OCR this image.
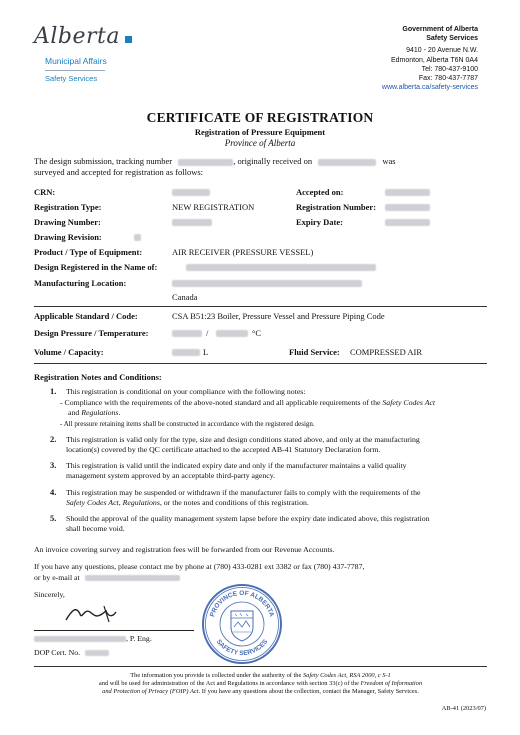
Alberta
Municipal Affairs
Safety Services
Government of Alberta
Safety Services
9410 - 20 Avenue N.W.
Edmonton, Alberta T6N 0A4
Tel: 780-437-9100
Fax: 780-437-7787
www.alberta.ca/safety-services
CERTIFICATE OF REGISTRATION
Registration of Pressure Equipment
Province of Alberta
The design submission, tracking number	, originally received on	was
surveyed and accepted for registration as follows:
CRN:	Accepted on:
Registration Type:	NEW REGISTRATION	Registration Number:
Drawing Number:	Expiry Date:
Drawing Revision:
Product / Type of Equipment:	AIR RECEIVER (PRESSURE VESSEL)
Design Registered in the Name of:
Manufacturing Location:
Canada
Applicable Standard / Code:	CSA B51:23 Boiler, Pressure Vessel and Pressure Piping Code
Design Pressure / Temperature:	/	°C
Volume / Capacity:	L	Fluid Service: COMPRESSED AIR
Registration Notes and Conditions:
1. This registration is conditional on your compliance with the following notes:
- Compliance with the requirements of the above-noted standard and all applicable requirements of the Safety Codes Act
and Regulations.
- All pressure retaining items shall be constructed in accordance with the registered design.
2. This registration is valid only for the type, size and design conditions stated above, and only at the manufacturing
location(s) covered by the QC certificate attached to the accepted AB-41 Statutory Declaration form.
3. This registration is valid until the indicated expiry date and only if the manufacturer maintains a valid quality
management system approved by an acceptable third-party agency.
4. This registration may be suspended or withdrawn if the manufacturer fails to comply with the requirements of the
Safety Codes Act, Regulations, or the notes and conditions of this registration.
5. Should the approval of the quality management system lapse before the expiry date indicated above, this registration
shall become void.
An invoice covering survey and registration fees will be forwarded from our Revenue Accounts.
If you have any questions, please contact me by phone at (780) 433-0281 ext 3382 or fax (780) 437-7787,
or by e-mail at
Sincerely,
, P. Eng.
DOP Cert. No.
PROVINCE OF ALBERTA
SAFETY SERVICES
The information you provide is collected under the authority of the Safety Codes Act, RSA 2000, c S-1
and will be used for administration of the Act and Regulations in accordance with section 33(c) of the Freedom of Information
and Protection of Privacy (FOIP) Act. If you have any questions about the collection, contact the Manager, Safety Services.
AB-41 (2023/07)
